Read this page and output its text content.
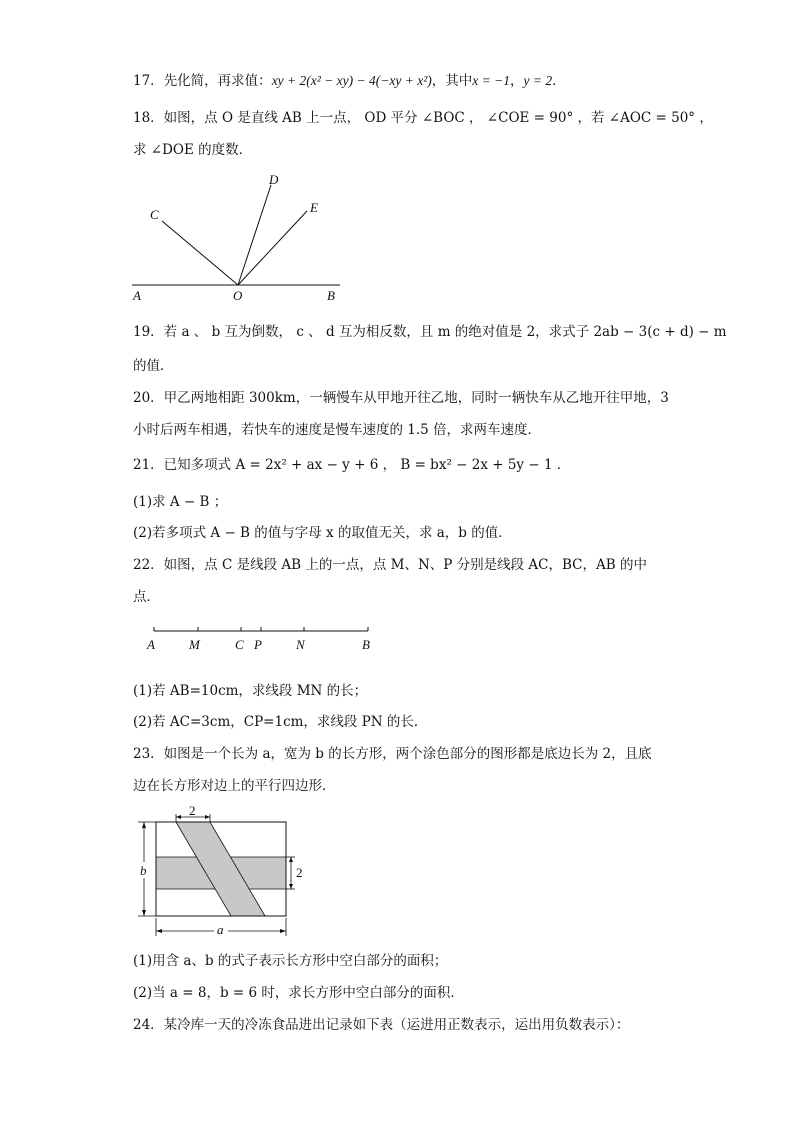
17．先化简，再求值：xy + 2(x² − xy) − 4(−xy + x²)，其中x = −1，y = 2．
18．如图，点 O 是直线 AB 上一点， OD 平分 ∠BOC ， ∠COE = 90° ，若 ∠AOC = 50° ，
求 ∠DOE 的度数．
A	O	B
C
D
E
19．若 a 、 b 互为倒数， c 、 d 互为相反数，且 m 的绝对值是 2，求式子 2ab − 3(c + d) − m
的值．
20．甲乙两地相距 300km，一辆慢车从甲地开往乙地，同时一辆快车从乙地开往甲地，3
小时后两车相遇，若快车的速度是慢车速度的 1.5 倍，求两车速度．
21．已知多项式 A = 2x² + ax − y + 6 ， B = bx² − 2x + 5y − 1 ．
(1)求 A − B ；
(2)若多项式 A − B 的值与字母 x 的取值无关，求 a，b 的值．
22．如图，点 C 是线段 AB 上的一点，点 M、N、P 分别是线段 AC，BC，AB 的中
点．
A	M	C P	N	B
(1)若 AB=10cm，求线段 MN 的长；
(2)若 AC=3cm，CP=1cm，求线段 PN 的长．
23．如图是一个长为 a，宽为 b 的长方形，两个涂色部分的图形都是底边长为 2，且底
边在长方形对边上的平行四边形．
2
b	2
a
(1)用含 a、b 的式子表示长方形中空白部分的面积；
(2)当 a = 8，b = 6 时，求长方形中空白部分的面积．
24．某冷库一天的冷冻食品进出记录如下表（运进用正数表示，运出用负数表示）：
